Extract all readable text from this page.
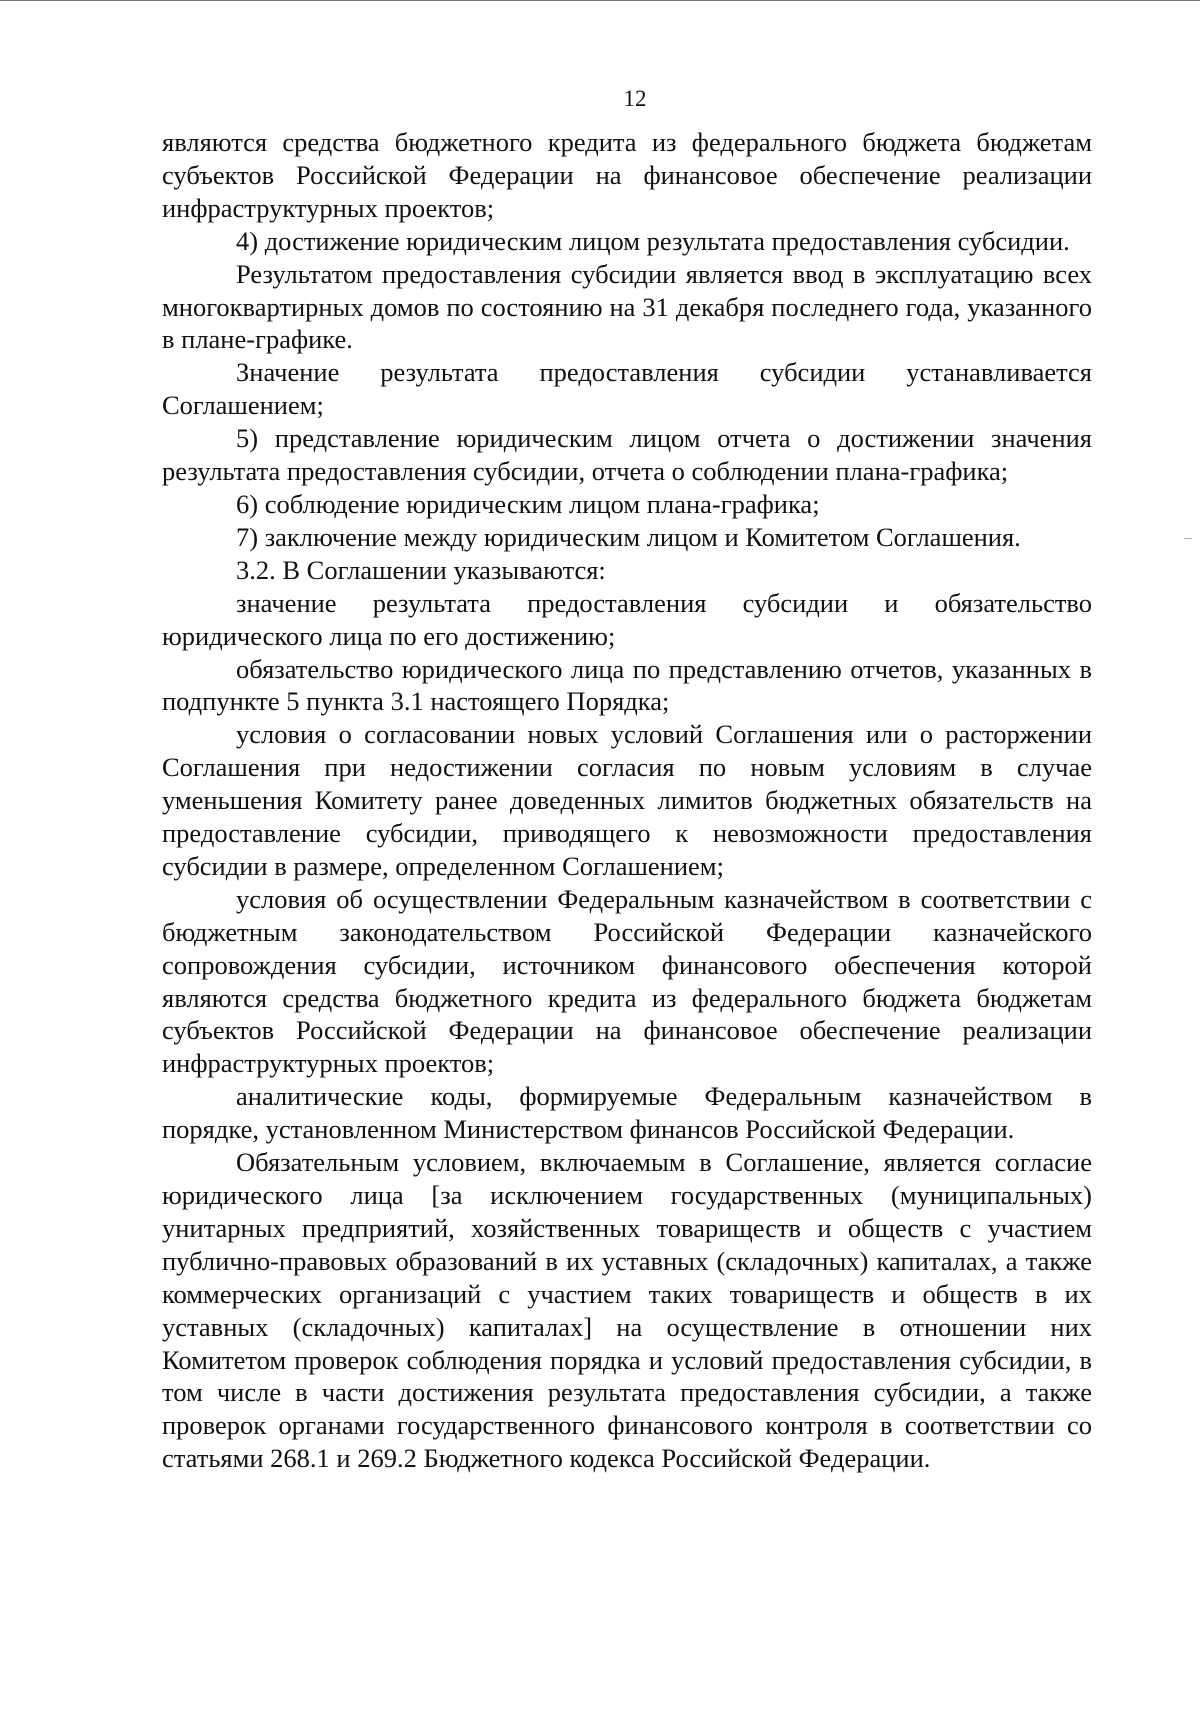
12

являются средства бюджетного кредита из федерального бюджета бюджетам субъектов Российской Федерации на финансовое обеспечение реализации инфраструктурных проектов;

4) достижение юридическим лицом результата предоставления субсидии.

Результатом предоставления субсидии является ввод в эксплуатацию всех многоквартирных домов по состоянию на 31 декабря последнего года, указанного в плане-графике.

Значение результата предоставления субсидии устанавливается Соглашением;

5) представление юридическим лицом отчета о достижении значения результата предоставления субсидии, отчета о соблюдении плана-графика;

6) соблюдение юридическим лицом плана-графика;

7) заключение между юридическим лицом и Комитетом Соглашения.

3.2. В Соглашении указываются:

значение результата предоставления субсидии и обязательство юридического лица по его достижению;

обязательство юридического лица по представлению отчетов, указанных в подпункте 5 пункта 3.1 настоящего Порядка;

условия о согласовании новых условий Соглашения или о расторжении Соглашения при недостижении согласия по новым условиям в случае уменьшения Комитету ранее доведенных лимитов бюджетных обязательств на предоставление субсидии, приводящего к невозможности предоставления субсидии в размере, определенном Соглашением;

условия об осуществлении Федеральным казначейством в соответствии с бюджетным законодательством Российской Федерации казначейского сопровождения субсидии, источником финансового обеспечения которой являются средства бюджетного кредита из федерального бюджета бюджетам субъектов Российской Федерации на финансовое обеспечение реализации инфраструктурных проектов;

аналитические коды, формируемые Федеральным казначейством в порядке, установленном Министерством финансов Российской Федерации.

Обязательным условием, включаемым в Соглашение, является согласие юридического лица [за исключением государственных (муниципальных) унитарных предприятий, хозяйственных товариществ и обществ с участием публично-правовых образований в их уставных (складочных) капиталах, а также коммерческих организаций с участием таких товариществ и обществ в их уставных (складочных) капиталах] на осуществление в отношении них Комитетом проверок соблюдения порядка и условий предоставления субсидии, в том числе в части достижения результата предоставления субсидии, а также проверок органами государственного финансового контроля в соответствии со статьями 268.1 и 269.2 Бюджетного кодекса Российской Федерации.
